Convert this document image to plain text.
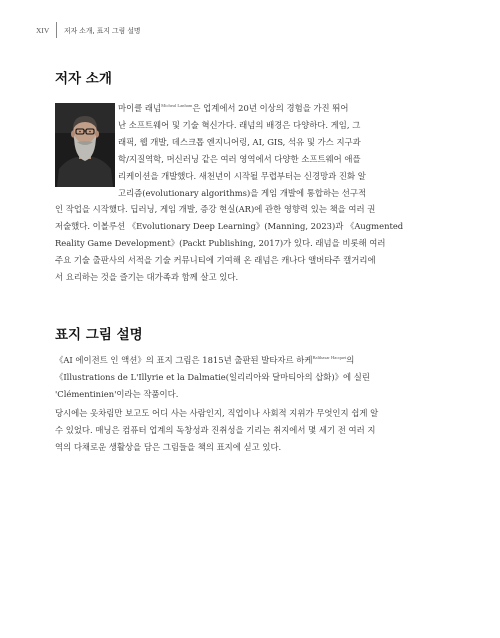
XIV	저자 소개, 표지 그림 설명
저자 소개
마이클 래넘$^{Micheal Lanham}$은 업계에서 20년 이상의 경험을 가진 뛰어
난 소프트웨어 및 기술 혁신가다. 래넘의 배경은 다양하다. 게임, 그
래픽, 웹 개발, 데스크톱 엔지니어링, AI, GIS, 석유 및 가스 지구과
학/지질역학, 머신러닝 같은 여러 영역에서 다양한 소프트웨어 애플
리케이션을 개발했다. 새천년이 시작될 무렵부터는 신경망과 진화 알
고리즘(evolutionary algorithms)을 게임 개발에 통합하는 선구적
인 작업을 시작했다. 딥러닝, 게임 개발, 증강 현실(AR)에 관한 영향력 있는 책을 여러 권
저술했다. 이볼루션 《Evolutionary Deep Learning》(Manning, 2023)과 《Augmented
Reality Game Development》(Packt Publishing, 2017)가 있다. 래넘을 비롯해 여러
주요 기술 출판사의 서적을 기술 커뮤니티에 기여해 온 래넘은 캐나다 앨버타주 캘거리에
서 요리하는 것을 즐기는 대가족과 함께 살고 있다.
표지 그림 설명
《AI 에이전트 인 액션》의 표지 그림은 1815년 출판된 발타자르 하케$^{Balthasar Hacquet}$의
《Illustrations de L'Illyrie et la Dalmatie(일리리아와 달마티아의 삽화)》에 실린
'Clémentinien'이라는 작품이다.
당시에는 옷차림만 보고도 어디 사는 사람인지, 직업이나 사회적 지위가 무엇인지 쉽게 알
수 있었다. 매닝은 컴퓨터 업계의 독창성과 진취성을 기리는 취지에서 몇 세기 전 여러 지
역의 다채로운 생활상을 담은 그림들을 책의 표지에 싣고 있다.
